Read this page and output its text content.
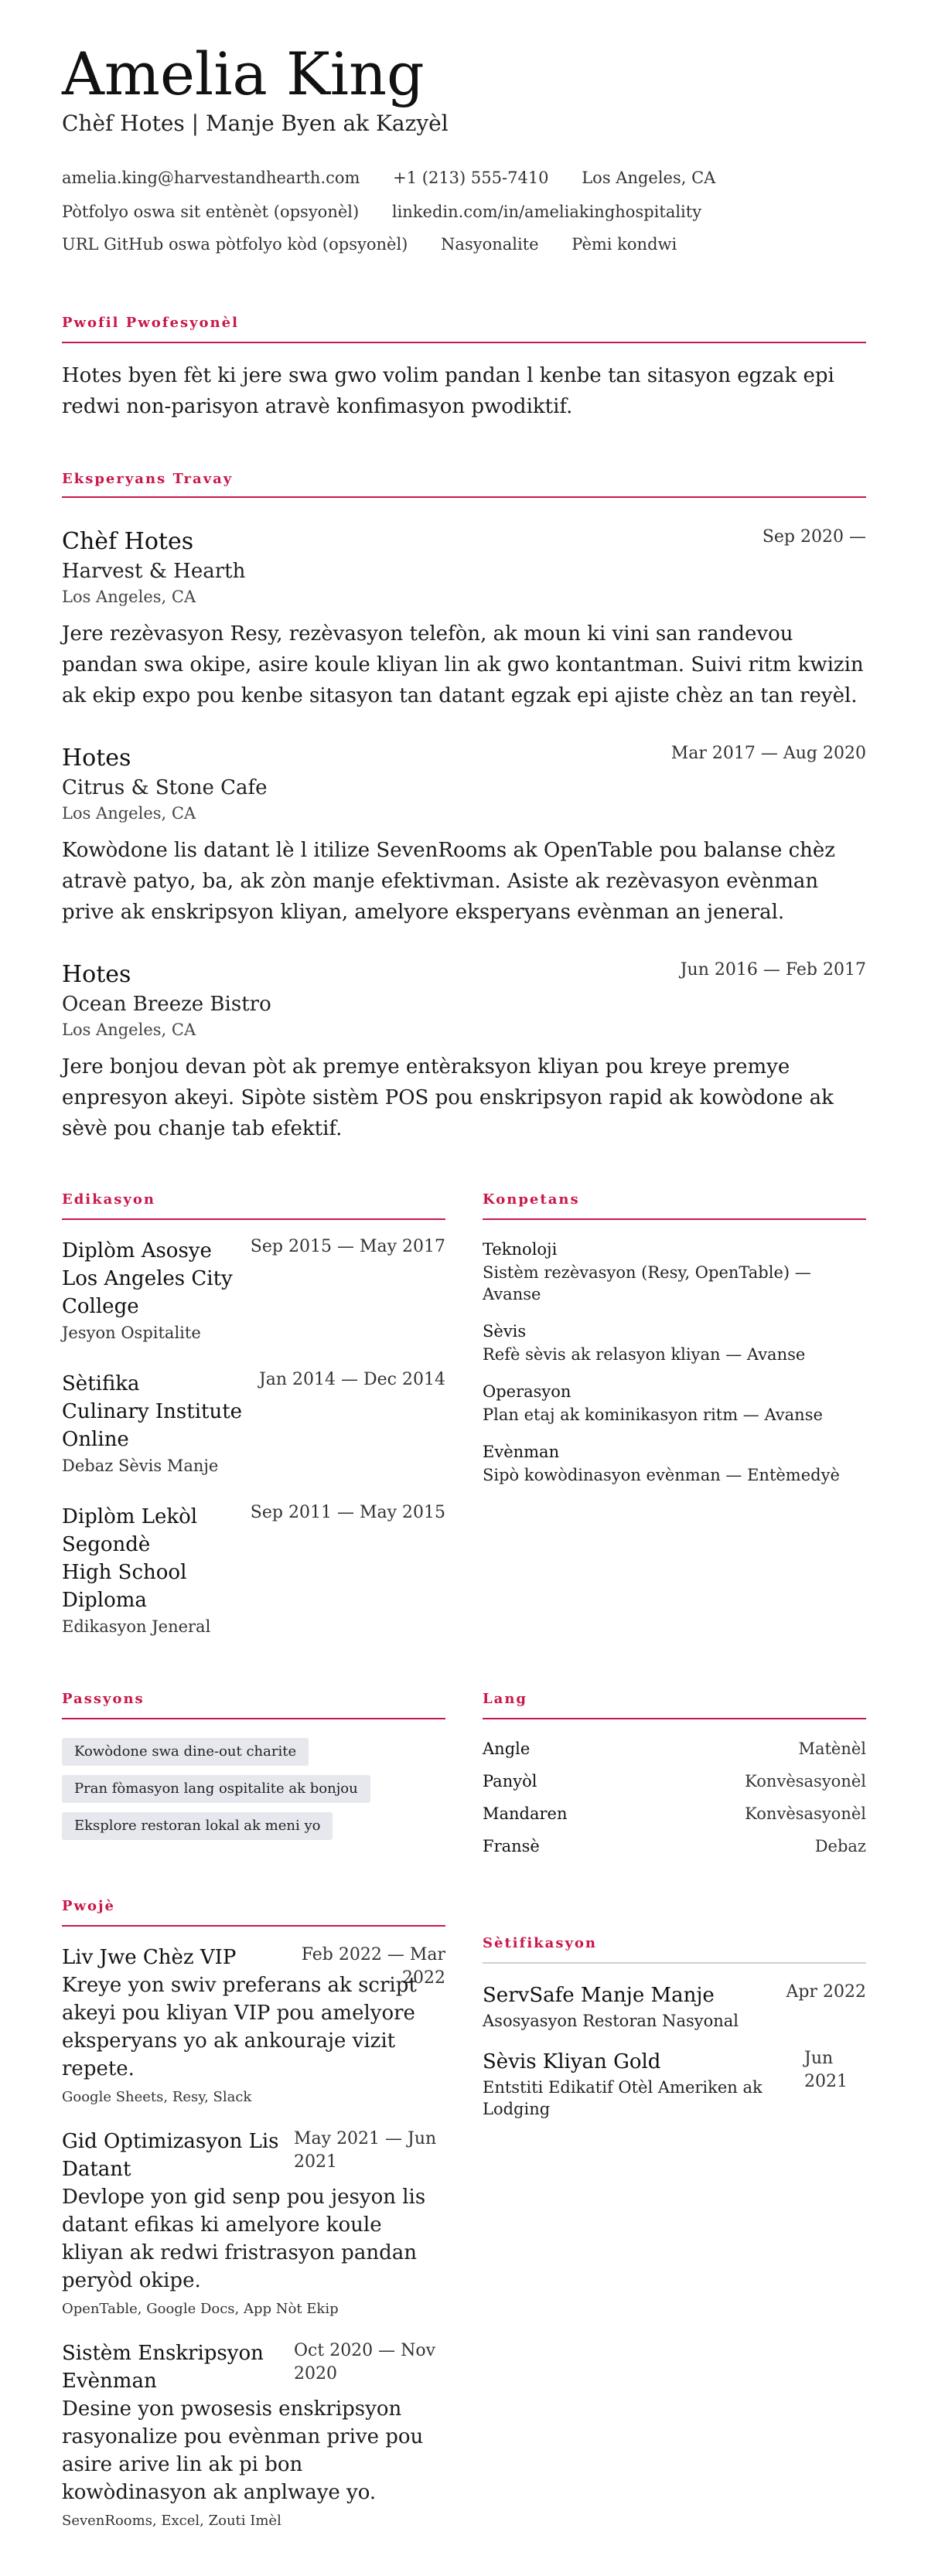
Amelia King
Chèf Hotes | Manje Byen ak Kazyèl
amelia.king@harvestandhearth.com +1 (213) 555-7410 Los Angeles, CA
Pòtfolyo oswa sit entènèt (opsyonèl) linkedin.com/in/ameliakinghospitality
URL GitHub oswa pòtfolyo kòd (opsyonèl) Nasyonalite Pèmi kondwi
Pwofil Pwofesyonèl
Hotes byen fèt ki jere swa gwo volim pandan l kenbe tan sitasyon egzak epi redwi non-parisyon atravè konfimasyon pwodiktif.
Eksperyans Travay
Chèf Hotes	Sep 2020 —
Harvest & Hearth
Los Angeles, CA
Jere rezèvasyon Resy, rezèvasyon telefòn, ak moun ki vini san randevou pandan swa okipe, asire koule kliyan lin ak gwo kontantman. Suivi ritm kwizin ak ekip expo pou kenbe sitasyon tan datant egzak epi ajiste chèz an tan reyèl.
Hotes	Mar 2017 — Aug 2020
Citrus & Stone Cafe
Los Angeles, CA
Kowòdone lis datant lè l itilize SevenRooms ak OpenTable pou balanse chèz atravè patyo, ba, ak zòn manje efektivman. Asiste ak rezèvasyon evènman prive ak enskripsyon kliyan, amelyore eksperyans evènman an jeneral.
Hotes	Jun 2016 — Feb 2017
Ocean Breeze Bistro
Los Angeles, CA
Jere bonjou devan pòt ak premye entèraksyon kliyan pou kreye premye enpresyon akeyi. Sipòte sistèm POS pou enskripsyon rapid ak kowòdone ak sèvè pou chanje tab efektif.
Edikasyon
Diplòm Asosye	Sep 2015 — May 2017
Los Angeles City College
Jesyon Ospitalite
Sètifika	Jan 2014 — Dec 2014
Culinary Institute Online
Debaz Sèvis Manje
Diplòm Lekòl Segondè
Sep 2011 — May 2015
High School Diploma
Edikasyon Jeneral
Konpetans
Teknoloji
Sistèm rezèvasyon (Resy, OpenTable) — Avanse
Sèvis
Refè sèvis ak relasyon kliyan — Avanse
Operasyon
Plan etaj ak kominikasyon ritm — Avanse
Evènman
Sipò kowòdinasyon evènman — Entèmedyè
Passyons
Kowòdone swa dine-out charite
Pran fòmasyon lang ospitalite ak bonjou
Eksplore restoran lokal ak meni yo
Lang
Angle	Matènèl
Panyòl	Konvèsasyonèl
Mandaren	Konvèsasyonèl
Fransè	Debaz
Pwojè
Liv Jwe Chèz VIP	Feb 2022 — Mar 2022
Kreye yon swiv preferans ak script akeyi pou kliyan VIP pou amelyore eksperyans yo ak ankouraje vizit repete.
Google Sheets, Resy, Slack
Gid Optimizasyon Lis Datant
May 2021 — Jun 2021
Devlope yon gid senp pou jesyon lis datant efikas ki amelyore koule kliyan ak redwi fristrasyon pandan peryòd okipe.
OpenTable, Google Docs, App Nòt Ekip
Sistèm Enskripsyon Evènman
Oct 2020 — Nov 2020
Desine yon pwosesis enskripsyon rasyonalize pou evènman prive pou asire arive lin ak pi bon kowòdinasyon ak anplwaye yo.
SevenRooms, Excel, Zouti Imèl
Sètifikasyon
ServSafe Manje Manje	Apr 2022
Asosyasyon Restoran Nasyonal
Sèvis Kliyan Gold	Jun 2021
Entstiti Edikatif Otèl Ameriken ak Lodging
